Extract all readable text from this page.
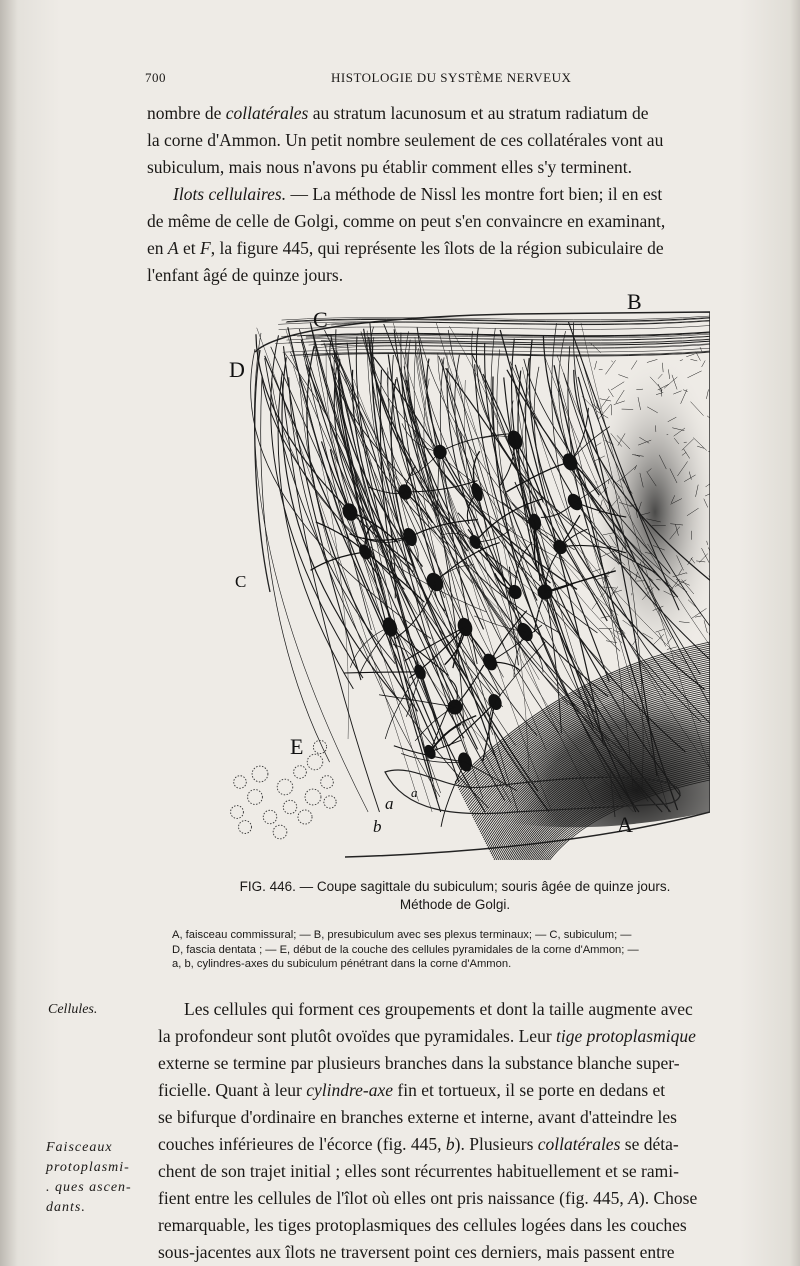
700	HISTOLOGIE DU SYSTÈME NERVEUX
nombre de collatérales au stratum lacunosum et au stratum radiatum de
la corne d'Ammon. Un petit nombre seulement de ces collatérales vont au
subiculum, mais nous n'avons pu établir comment elles s'y terminent.
Ilots cellulaires. — La méthode de Nissl les montre fort bien; il en est
de même de celle de Golgi, comme on peut s'en convaincre en examinant,
en A et F, la figure 445, qui représente les îlots de la région subiculaire de
l'enfant âgé de quinze jours.
C
B
D
C
E
a
b
a
A
FIG. 446. — Coupe sagittale du subiculum; souris âgée de quinze jours.
Méthode de Golgi.
A, faisceau commissural; — B, presubiculum avec ses plexus terminaux; — C, subiculum; —
D, fascia dentata ; — E, début de la couche des cellules pyramidales de la corne d'Ammon; —
a, b, cylindres-axes du subiculum pénétrant dans la corne d'Ammon.
Cellules.
Faisceaux
protoplasmi-
. ques ascen-
dants.
Les cellules qui forment ces groupements et dont la taille augmente avec
la profondeur sont plutôt ovoïdes que pyramidales. Leur tige protoplasmique
externe se termine par plusieurs branches dans la substance blanche super-
ficielle. Quant à leur cylindre-axe fin et tortueux, il se porte en dedans et
se bifurque d'ordinaire en branches externe et interne, avant d'atteindre les
couches inférieures de l'écorce (fig. 445, b). Plusieurs collatérales se déta-
chent de son trajet initial ; elles sont récurrentes habituellement et se rami-
fient entre les cellules de l'îlot où elles ont pris naissance (fig. 445, A). Chose
remarquable, les tiges protoplasmiques des cellules logées dans les couches
sous-jacentes aux îlots ne traversent point ces derniers, mais passent entre
